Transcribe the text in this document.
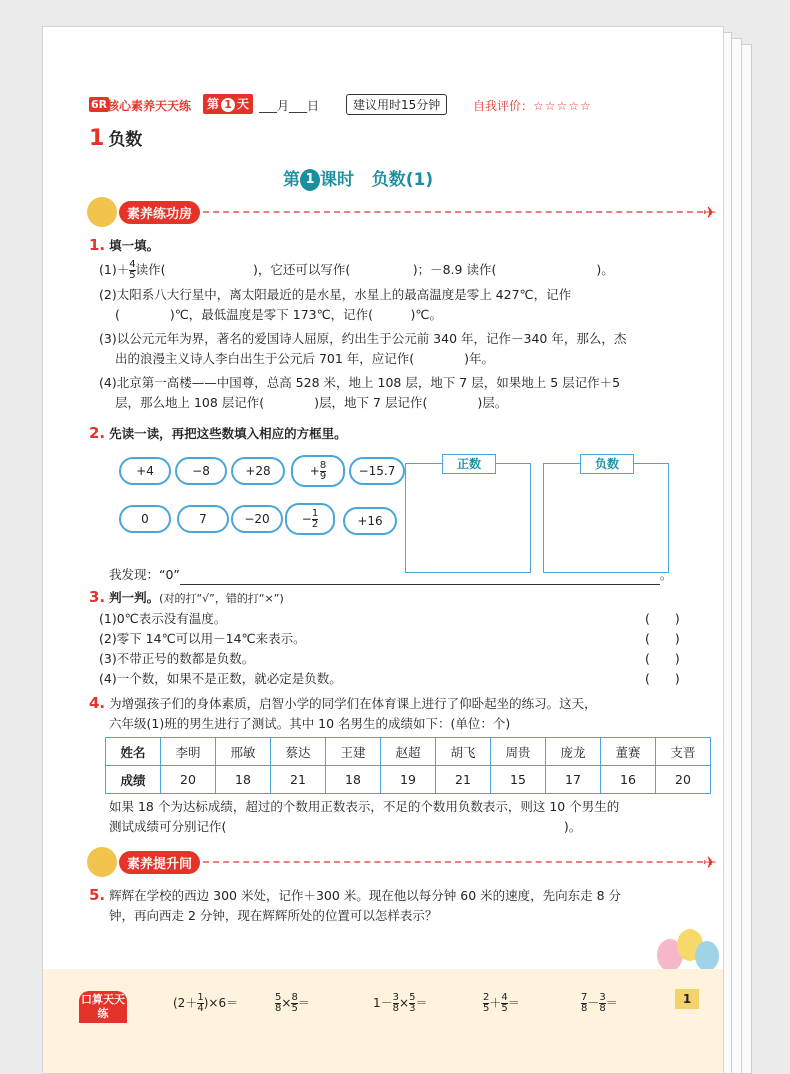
6R 核心素养天天练	第 1 天 ___月___日	建议用时15分钟	自我评价：☆☆☆☆☆
1 负数
第 1 课时 负数(1)
素养练功房	✈
1. 填一填。
$(1)+ \frac{4}{5}$ 读作(　　　　　　　)，它还可以写作(　　　　　)；－8.9 读作(　　　　　　　　)。
(2)太阳系八大行星中，离太阳最近的是水星，水星上的最高温度是零上 427℃，记作
(　　　　)℃，最低温度是零下 173℃，记作(　　　)℃。
(3)以公元元年为界，著名的爱国诗人屈原，约出生于公元前 340 年，记作－340 年，那么，杰
出的浪漫主义诗人李白出生于公元后 701 年，应记作(　　　　)年。
(4)北京第一高楼——中国尊，总高 528 米，地上 108 层，地下 7 层，如果地上 5 层记作＋5
层，那么地上 108 层记作(　　　　)层，地下 7 层记作(　　　　)层。
2. 先读一读，再把这些数填入相应的方框里。
+4	−8	+28	+ $\frac{8}{9}$	−15.7
0	7	−20	− $\frac{1}{2}$	+16
正数	负数
我发现：“0”	。
3. 判一判。(对的打“√”，错的打“×”)
(1)0℃表示没有温度。	(　　)
(2)零下 14℃可以用－14℃来表示。	(　　)
(3)不带正号的数都是负数。	(　　)
(4)一个数，如果不是正数，就必定是负数。	(　　)
4. 为增强孩子们的身体素质，启智小学的同学们在体育课上进行了仰卧起坐的练习。这天，
六年级(1)班的男生进行了测试。其中 10 名男生的成绩如下：(单位：个)
姓名	李明	邢敏	蔡达	王建	赵超	胡飞	周贵	庞龙	董赛	支晋
成绩	20	18	21	18	19	21	15	17	16	20
如果 18 个为达标成绩，超过的个数用正数表示，不足的个数用负数表示，则这 10 个男生的
测试成绩可分别记作(　　　　　　　　　　　　　　　　　　　　　　　　　　　)。
素养提升间	✈
5. 辉辉在学校的西边 300 米处，记作＋300 米。现在他以每分钟 60 米的速度，先向东走 8 分
钟，再向西走 2 分钟，现在辉辉所处的位置可以怎样表示？
口算天天练
$(2+ \frac{1}{4} )\times 6=$	$\frac{5}{8} \times \frac{8}{5}$ ＝	$1- \frac{3}{8} \times \frac{5}{3}$ ＝	$\frac{2}{5} + \frac{4}{5}$ ＝	$\frac{7}{8} - \frac{3}{8}$ ＝	1
